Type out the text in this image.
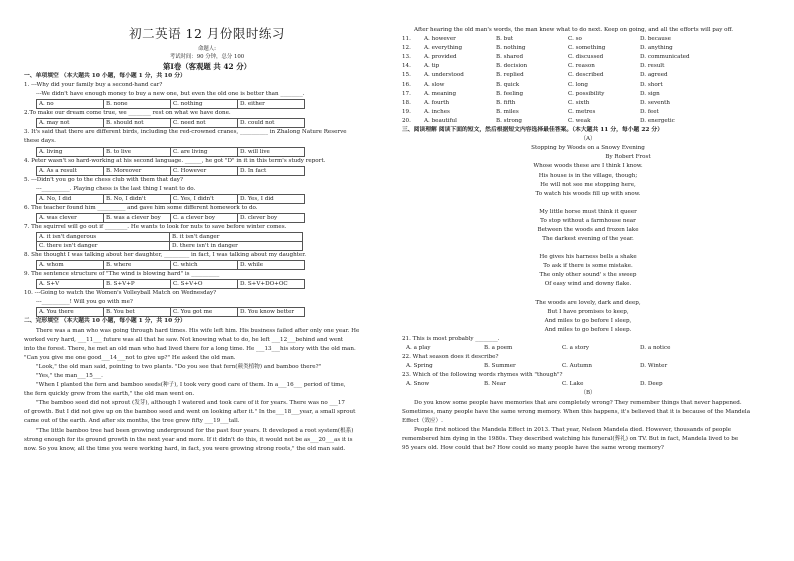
初二英语 12 月份限时练习
命题人:
考试时间：90 分钟，总分 100
第Ⅰ卷（客观题 共 42 分）
一、单项填空 （本大题共 10 小题，每小题 1 分，共 10 分）
1. ---Why did your family buy a second-hand car?
---We didn't have enough money to buy a new one, but even the old one is better than ________.
A. no	B. none	C. nothing	D. either
2.To make our dream come true, we ________ rest on what we have done.
A. may not	B. should not	C. need not	D. could not
3. It's said that there are different birds, including the red-crowned cranes, __________ in Zhalong Nature Reserve
these days.
A. living	B. to live	C. are living	D. will live
4. Peter wasn't so hard-working at his second language. ______, he got "D" in it in this term's study report.
A. As a result	B. Moreover	C. However	D. In fact
5. ---Didn't you go to the chess club with them that day?
---__________. Playing chess is the last thing I want to do.
A. No, I did	B. No, I didn't	C. Yes, I didn't	D. Yes, I did
6. The teacher found him __________ and gave him some different homework to do.
A. was clever	B. was a clever boy	C. a clever boy	D. clever boy
7. The squirrel will go out if ________. He wants to look for nuts to save before winter comes.
A. it isn't dangerous	B. it isn't danger
C. there isn't danger	D. there isn't in danger
8. She thought I was talking about her daughter, _________ in fact, I was talking about my daughter.
A. whom	B. where	C. which	D. while
9. The sentence structure of "The wind is blowing hard" is __________
A. S+V	B. S+V+P	C. S+V+O	D. S+V+DO+OC
10. ---Going to watch the Women's Volleyball Match on Wednesday?
---__________! Will you go with me?
A. You there	B. You bet	C. You got me	D. You know better
二、完形填空 （本大题共 10 小题，每小题 1 分，共 10 分）
There was a man who was going through hard times. His wife left him. His business failed after only one year. He
worked very hard, ___11___ future was all that he saw. Not knowing what to do, he left ___12___behind and went
into the forest. There, he met an old man who had lived there for a long time. He ___13___his story with the old man.
"Can you give me one good___14___not to give up?" He asked the old man.
"Look," the old man said, pointing to two plants. "Do you see that fern(蕨类植物) and bamboo there?"
"Yes," the man___15___.
"When I planted the fern and bamboo seeds(种子), I took very good care of them. In a___16___ period of time,
the fern quickly grew from the earth," the old man went on.
"The bamboo seed did not sprout (发芽), although I watered and took care of it for years. There was no ___17
of growth. But I did not give up on the bamboo seed and went on looking after it." In the___18___year, a small sprout
came out of the earth. And after six months, the tree grew fifty ___19___tall.
"The little bamboo tree had been growing underground for the past four years. It developed a root system(根系)
strong enough for its ground growth in the next year and more. If it didn't do this, it would not be as___20___as it is
now. So you know, all the time you were working hard, in fact, you were growing strong roots," the old man said.
After hearing the old man's words, the man knew what to do next. Keep on going, and all the efforts will pay off.
11.	A. however	B. but	C. so	D. because
12.	A. everything	B. nothing	C. something	D. anything
13.	A. provided	B. shared	C. discussed	D. communicated
14.	A. tip	B. decision	C. reason	D. result
15.	A. understood	B. replied	C. described	D. agreed
16.	A. slow	B. quick	C. long	D. short
17.	A. meaning	B. feeling	C. possibility	D. sign
18.	A. fourth	B. fifth	C. sixth	D. seventh
19.	A. inches	B. miles	C. metres	D. feet
20.	A. beautiful	B. strong	C. weak	D. energetic
三、阅读理解 阅读下面的短文，然后根据短文内容选择最佳答案。（本大题共 11 分，每小题 22 分）
（A）
Stopping by Woods on a Snowy Evening
By Robert Frost
Whose woods these are I think I know.
His house is in the village, though;
He will not see me stopping here,
To watch his woods fill up with snow.
My little horse must think it queer
To stop without a farmhouse near
Between the woods and frozen lake
The darkest evening of the year.
He gives his harness bells a shake
To ask if there is some mistake.
The only other sound' s the sweep
Of easy wind and downy flake.
The woods are lovely, dark and deep,
But I have promises to keep,
And miles to go before I sleep,
And miles to go before I sleep.
21. This is most probably ________.
A. a play	B. a poem	C. a story	D. a notice
22. What season does it describe?
A. Spring	B. Summer	C. Autumn	D. Winter
23. Which of the following words rhymes with "though"?
A. Snow	B. Near	C. Lake	D. Deep
（B）
Do you know some people have memories that are completely wrong? They remember things that never happened.
Sometimes, many people have the same wrong memory. When this happens, it's believed that it is because of the Mandela
Effect（效应）.
People first noticed the Mandela Effect in 2013. That year, Nelson Mandela died. However, thousands of people
remembered him dying in the 1980s. They described watching his funeral(葬礼) on TV. But in fact, Mandela lived to be
95 years old. How could that be? How could so many people have the same wrong memory?
